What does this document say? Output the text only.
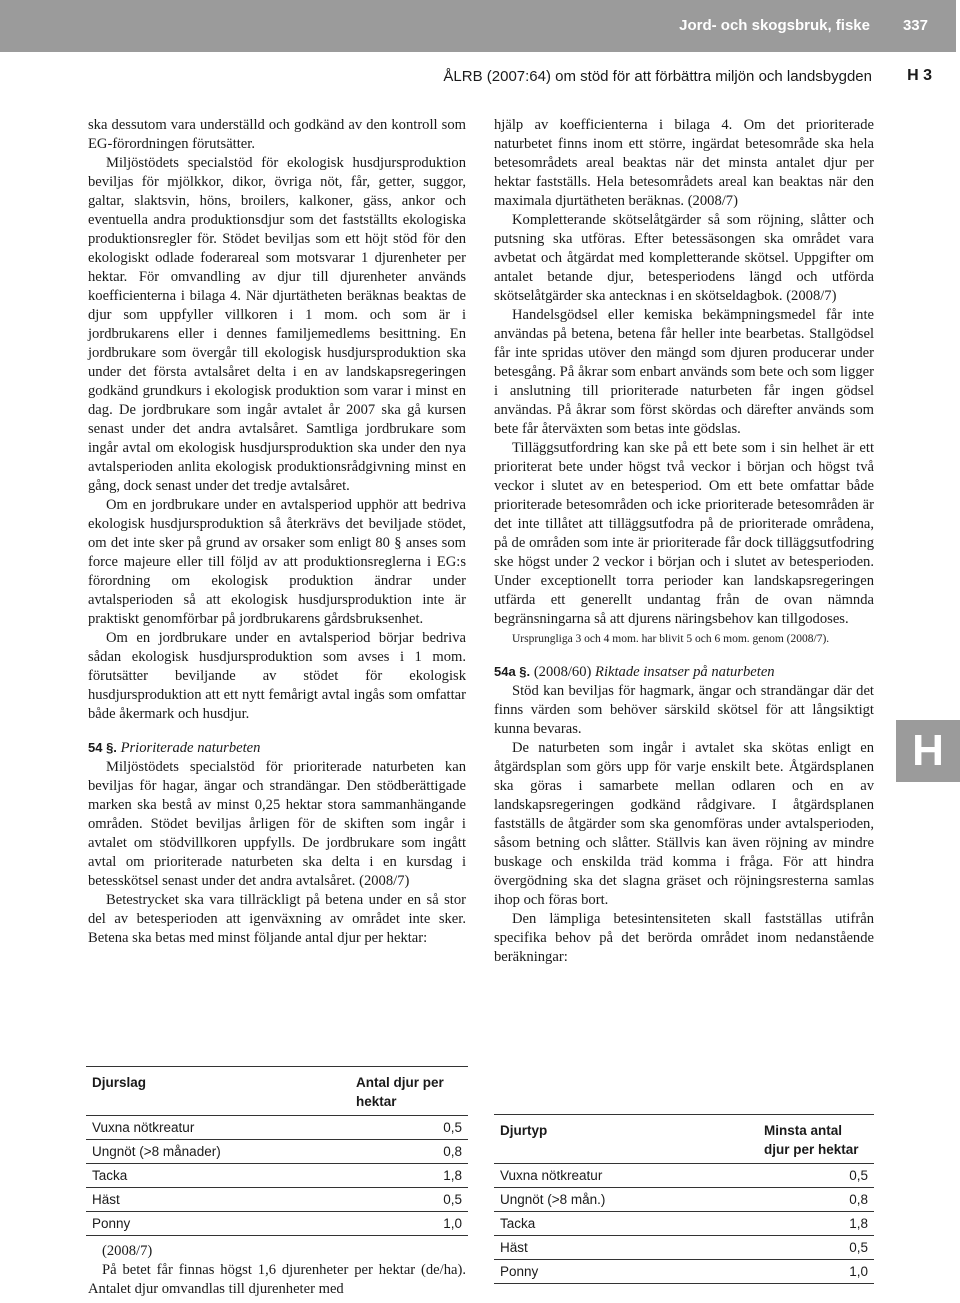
Jord- och skogsbruk, fiske 337
ÅLRB (2007:64) om stöd för att förbättra miljön och landsbygden H 3
H

ska dessutom vara underställd och godkänd av den kontroll som EG-förordningen förutsätter.

Miljöstödets specialstöd för ekologisk husdjursproduktion beviljas för mjölkkor, dikor, övriga nöt, får, getter, suggor, galtar, slaktsvin, höns, broilers, kalkoner, gäss, ankor och eventuella andra produktionsdjur som det fastställts ekologiska produktionsregler för. Stödet beviljas som ett höjt stöd för den ekologiskt odlade foderareal som motsvarar 1 djurenheter per hektar. För omvandling av djur till djurenheter används koefficienterna i bilaga 4. När djurtätheten beräknas beaktas de djur som uppfyller villkoren i 1 mom. och som är i jordbrukarens eller i dennes familjemedlems besittning. En jordbrukare som övergår till ekologisk husdjursproduktion ska under det första avtalsåret delta i en av landskapsregeringen godkänd grundkurs i ekologisk produktion som varar i minst en dag. De jordbrukare som ingår avtalet år 2007 ska gå kursen senast under det andra avtalsåret. Samtliga jordbrukare som ingår avtal om ekologisk husdjursproduktion ska under den nya avtalsperioden anlita ekologisk produktionsrådgivning minst en gång, dock senast under det tredje avtalsåret.

Om en jordbrukare under en avtalsperiod upphör att bedriva ekologisk husdjursproduktion så återkrävs det beviljade stödet, om det inte sker på grund av orsaker som enligt 80 § anses som force majeure eller till följd av att produktionsreglerna i EG:s förordning om ekologisk produktion ändrar under avtalsperioden så att ekologisk husdjursproduktion inte är praktiskt genomförbar på jordbrukarens gårdsbruksenhet.

Om en jordbrukare under en avtalsperiod börjar bedriva sådan ekologisk husdjursproduktion som avses i 1 mom. förutsätter beviljande av stödet för ekologisk husdjursproduktion att ett nytt femårigt avtal ingås som omfattar både åkermark och husdjur.

54 §. Prioriterade naturbeten

Miljöstödets specialstöd för prioriterade naturbeten kan beviljas för hagar, ängar och strandängar. Den stödberättigade marken ska bestå av minst 0,25 hektar stora sammanhängande områden. Stödet beviljas årligen för de skiften som ingår i avtalet om stödvillkoren uppfylls. De jordbrukare som ingått avtal om prioriterade naturbeten ska delta i en kursdag i betesskötsel senast under det andra avtalsåret. (2008/7)

Betestrycket ska vara tillräckligt på betena under en så stor del av betesperioden att igenväxning av området inte sker. Betena ska betas med minst följande antal djur per hektar:

Djurslag	Antal djur per hektar
Vuxna nötkreatur	0,5
Ungnöt (>8 månader)	0,8
Tacka	1,8
Häst	0,5
Ponny	1,0

(2008/7)

På betet får finnas högst 1,6 djurenheter per hektar (de/ha). Antalet djur omvandlas till djurenheter med

hjälp av koefficienterna i bilaga 4. Om det prioriterade naturbetet finns inom ett större, ingärdat betesområde ska hela betesområdets areal beaktas när det minsta antalet djur per hektar fastställs. Hela betesområdets areal kan beaktas när den maximala djurtätheten beräknas. (2008/7)

Kompletterande skötselåtgärder så som röjning, slåtter och putsning ska utföras. Efter betessäsongen ska området vara avbetat och åtgärdat med kompletterande skötsel. Uppgifter om antalet betande djur, betesperiodens längd och utförda skötselåtgärder ska antecknas i en skötseldagbok. (2008/7)

Handelsgödsel eller kemiska bekämpningsmedel får inte användas på betena, betena får heller inte bearbetas. Stallgödsel får inte spridas utöver den mängd som djuren producerar under betesgång. På åkrar som enbart används som bete och som ligger i anslutning till prioriterade naturbeten får ingen gödsel användas. På åkrar som först skördas och därefter används som bete får återväxten som betas inte gödslas.

Tilläggsutfordring kan ske på ett bete som i sin helhet är ett prioriterat bete under högst två veckor i början och högst två veckor i slutet av en betesperiod. Om ett bete omfattar både prioriterade betesområden och icke prioriterade betesområden är det inte tillåtet att tilläggsutfodra på de prioriterade områdena, på de områden som inte är prioriterade får dock tilläggsutfodring ske högst under 2 veckor i början och i slutet av betesperioden. Under exceptionellt torra perioder kan landskapsregeringen utfärda ett generellt undantag från de ovan nämnda begränsningarna så att djurens näringsbehov kan tillgodoses.

Ursprungliga 3 och 4 mom. har blivit 5 och 6 mom. genom (2008/7).

54a §. (2008/60) Riktade insatser på naturbeten

Stöd kan beviljas för hagmark, ängar och strandängar där det finns värden som behöver särskild skötsel för att långsiktigt kunna bevaras.

De naturbeten som ingår i avtalet ska skötas enligt en åtgärdsplan som görs upp för varje enskilt bete. Åtgärdsplanen ska göras i samarbete mellan odlaren och en av landskapsregeringen godkänd rådgivare. I åtgärdsplanen fastställs de åtgärder som ska genomföras under avtalsperioden, såsom betning och slåtter. Ställvis kan även röjning av mindre buskage och enskilda träd komma i fråga. För att hindra övergödning ska det slagna gräset och röjningsresterna samlas ihop och föras bort.

Den lämpliga betesintensiteten skall fastställas utifrån specifika behov på det berörda området inom nedanstående beräkningar:

Djurtyp	Minsta antal djur per hektar
Vuxna nötkreatur	0,5
Ungnöt (>8 mån.)	0,8
Tacka	1,8
Häst	0,5
Ponny	1,0
